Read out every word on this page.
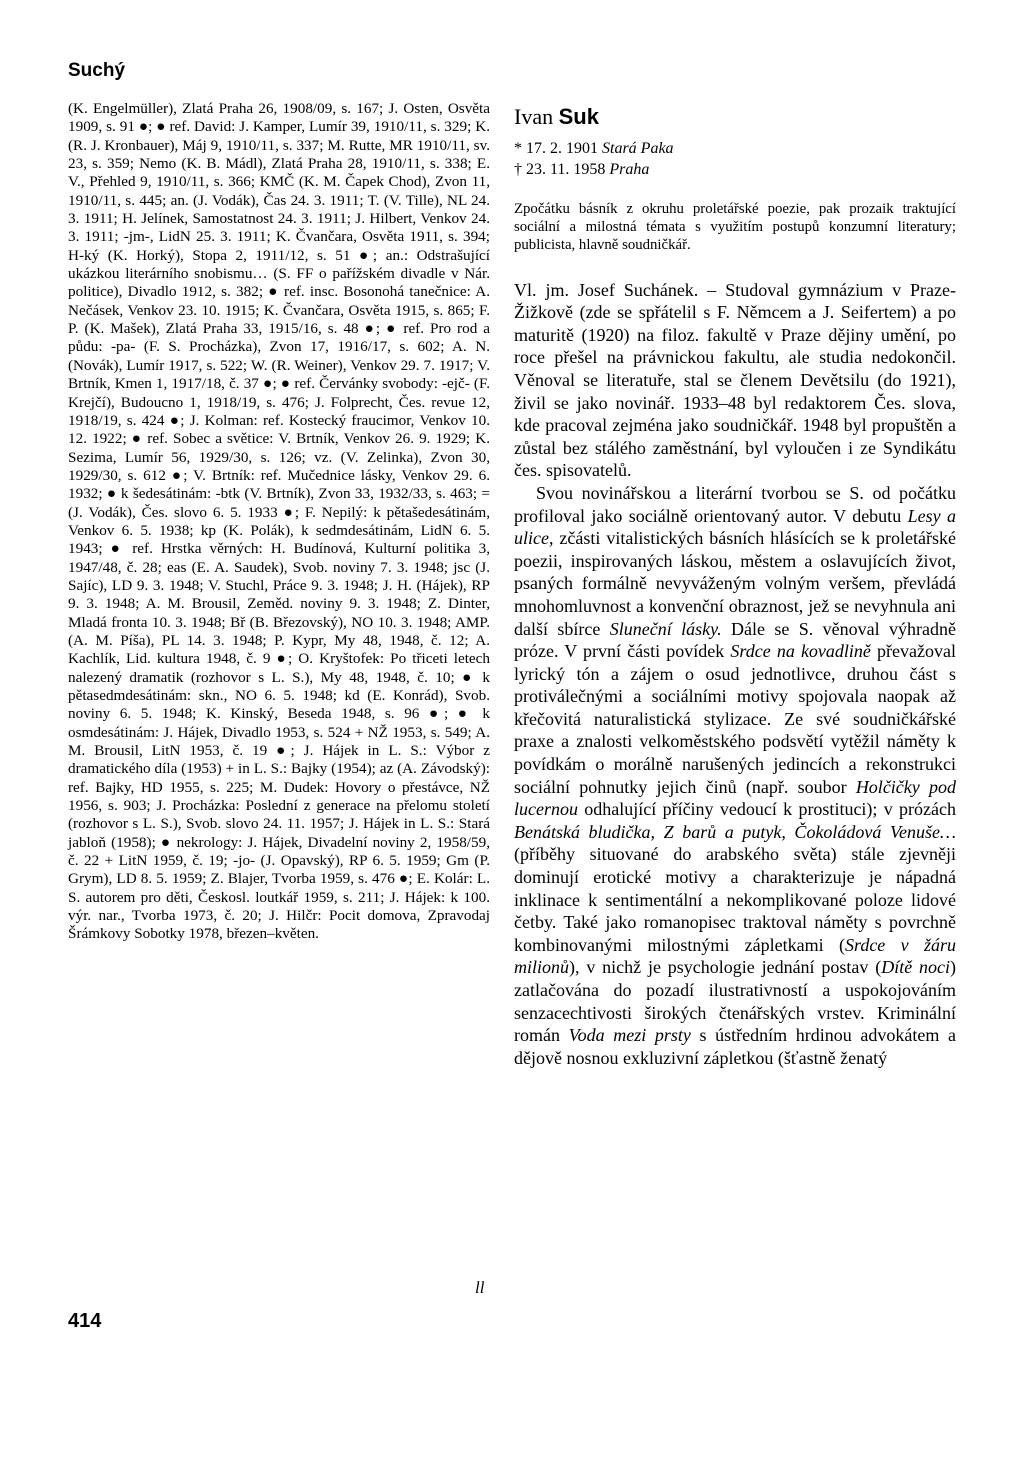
Suchý
(K. Engelmüller), Zlatá Praha 26, 1908/09, s. 167; J. Osten, Osvěta 1909, s. 91 ●; ● ref. David: J. Kamper, Lumír 39, 1910/11, s. 329; K. (R. J. Kronbauer), Máj 9, 1910/11, s. 337; M. Rutte, MR 1910/11, sv. 23, s. 359; Nemo (K. B. Mádl), Zlatá Praha 28, 1910/11, s. 338; E. V., Přehled 9, 1910/11, s. 366; KMČ (K. M. Čapek Chod), Zvon 11, 1910/11, s. 445; an. (J. Vodák), Čas 24. 3. 1911; T. (V. Tille), NL 24. 3. 1911; H. Jelínek, Samostatnost 24. 3. 1911; J. Hilbert, Venkov 24. 3. 1911; -jm-, LidN 25. 3. 1911; K. Čvančara, Osvěta 1911, s. 394; H-ký (K. Horký), Stopa 2, 1911/12, s. 51 ●; an.: Odstrašující ukázkou literárního snobismu… (S. FF o pařížském divadle v Nár. politice), Divadlo 1912, s. 382; ● ref. insc. Bosonohá tanečnice: A. Nečásek, Venkov 23. 10. 1915; K. Čvančara, Osvěta 1915, s. 865; F. P. (K. Mašek), Zlatá Praha 33, 1915/16, s. 48 ●; ● ref. Pro rod a půdu: -pa- (F. S. Procházka), Zvon 17, 1916/17, s. 602; A. N. (Novák), Lumír 1917, s. 522; W. (R. Weiner), Venkov 29. 7. 1917; V. Brtník, Kmen 1, 1917/18, č. 37 ●; ● ref. Červánky svobody: -ejč- (F. Krejčí), Budoucno 1, 1918/19, s. 476; J. Folprecht, Čes. revue 12, 1918/19, s. 424 ●; J. Kolman: ref. Kostecký fraucimor, Venkov 10. 12. 1922; ● ref. Sobec a světice: V. Brtník, Venkov 26. 9. 1929; K. Sezima, Lumír 56, 1929/30, s. 126; vz. (V. Zelinka), Zvon 30, 1929/30, s. 612 ●; V. Brtník: ref. Mučednice lásky, Venkov 29. 6. 1932; ● k šedesátinám: -btk (V. Brtník), Zvon 33, 1932/33, s. 463; = (J. Vodák), Čes. slovo 6. 5. 1933 ●; F. Nepilý: k pětašedesátinám, Venkov 6. 5. 1938; kp (K. Polák), k sedmdesátinám, LidN 6. 5. 1943; ● ref. Hrstka věrných: H. Budínová, Kulturní politika 3, 1947/48, č. 28; eas (E. A. Saudek), Svob. noviny 7. 3. 1948; jsc (J. Sajíc), LD 9. 3. 1948; V. Stuchl, Práce 9. 3. 1948; J. H. (Hájek), RP 9. 3. 1948; A. M. Brousil, Zeměd. noviny 9. 3. 1948; Z. Dinter, Mladá fronta 10. 3. 1948; Bř (B. Březovský), NO 10. 3. 1948; AMP. (A. M. Píša), PL 14. 3. 1948; P. Kypr, My 48, 1948, č. 12; A. Kachlík, Lid. kultura 1948, č. 9 ●; O. Kryštofek: Po třiceti letech nalezený dramatik (rozhovor s L. S.), My 48, 1948, č. 10; ● k pětasedmdesátinám: skn., NO 6. 5. 1948; kd (E. Konrád), Svob. noviny 6. 5. 1948; K. Kinský, Beseda 1948, s. 96 ●; ● k osmdesátinám: J. Hájek, Divadlo 1953, s. 524 + NŽ 1953, s. 549; A. M. Brousil, LitN 1953, č. 19 ●; J. Hájek in L. S.: Výbor z dramatického díla (1953) + in L. S.: Bajky (1954); az (A. Závodský): ref. Bajky, HD 1955, s. 225; M. Dudek: Hovory o přestávce, NŽ 1956, s. 903; J. Procházka: Poslední z generace na přelomu století (rozhovor s L. S.), Svob. slovo 24. 11. 1957; J. Hájek in L. S.: Stará jabloň (1958); ● nekrology: J. Hájek, Divadelní noviny 2, 1958/59, č. 22 + LitN 1959, č. 19; -jo- (J. Opavský), RP 6. 5. 1959; Gm (P. Grym), LD 8. 5. 1959; Z. Blajer, Tvorba 1959, s. 476 ●; E. Kolár: L. S. autorem pro děti, Českosl. loutkář 1959, s. 211; J. Hájek: k 100. výr. nar., Tvorba 1973, č. 20; J. Hilčr: Pocit domova, Zpravodaj Šrámkovy Sobotky 1978, březen–květen.
ll
Ivan Suk
* 17. 2. 1901 Stará Paka
† 23. 11. 1958 Praha
Zpočátku básník z okruhu proletářské poezie, pak prozaik traktující sociální a milostná témata s využitím postupů konzumní literatury; publicista, hlavně soudničkář.

Vl. jm. Josef Suchánek. – Studoval gymnázium v Praze-Žižkově (zde se spřátelil s F. Němcem a J. Seifertem) a po maturitě (1920) na filoz. fakultě v Praze dějiny umění, po roce přešel na právnickou fakultu, ale studia nedokončil. Věnoval se literatuře, stal se členem Devětsilu (do 1921), živil se jako novinář. 1933–48 byl redaktorem Čes. slova, kde pracoval zejména jako soudničkář. 1948 byl propuštěn a zůstal bez stálého zaměstnání, byl vyloučen i ze Syndikátu čes. spisovatelů.

Svou novinářskou a literární tvorbou se S. od počátku profiloval jako sociálně orientovaný autor. V debutu Lesy a ulice, zčásti vitalistických básních hlásících se k proletářské poezii, inspirovaných láskou, městem a oslavujících život, psaných formálně nevyváženým volným veršem, převládá mnohomluvnost a konvenční obraznost, jež se nevyhnula ani další sbírce Sluneční lásky. Dále se S. věnoval výhradně próze. V první části povídek Srdce na kovadlině převažoval lyrický tón a zájem o osud jednotlivce, druhou část s protiválečnými a sociálními motivy spojovala naopak až křečovitá naturalistická stylizace. Ze své soudničkářské praxe a znalosti velkoměstského podsvětí vytěžil náměty k povídkám o morálně narušených jedincích a rekonstrukci sociální pohnutky jejich činů (např. soubor Holčičky pod lucernou odhalující příčiny vedoucí k prostituci); v prózách Benátská bludička, Z barů a putyk, Čokoládová Venuše… (příběhy situované do arabského světa) stále zjevněji dominují erotické motivy a charakterizuje je nápadná inklinace k sentimentální a nekomplikované poloze lidové četby. Také jako romanopisec traktoval náměty s povrchně kombinovanými milostnými zápletkami (Srdce v žáru milionů), v nichž je psychologie jednání postav (Dítě noci) zatlačována do pozadí ilustrativností a uspokojováním senzacechtivosti širokých čtenářských vrstev. Kriminální román Voda mezi prsty s ústředním hrdinou advokátem a dějově nosnou exkluzivní zápletkou (šťastně ženatý

414
